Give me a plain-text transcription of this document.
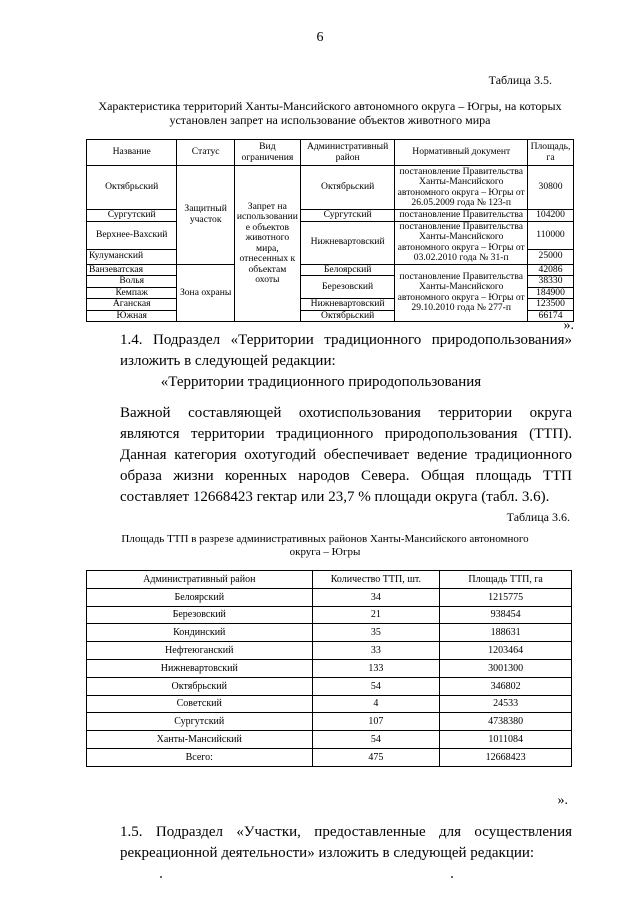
6
Таблица 3.5.
Характеристика территорий Ханты-Мансийского автономного округа – Югры, на которых установлен запрет на использование объектов животного мира
Название	Статус	Вид ограничения	Административный район	Нормативный документ	Площадь, га
Октябрьский	Защитный участок	Запрет на использовании е объектов животного мира, отнесенных к объектам охоты	Октябрьский	постановление Правительства Ханты-Мансийского автономного округа – Югры от 26.05.2009 года № 123-п	30800
Сургутский			Сургутский	постановление Правительства	104200
Верхнее-Вахский			Нижневартовский	постановление Правительства Ханты-Мансийского автономного округа – Югры от 03.02.2010 года № 31-п	110000
Кулуманский					25000
Ванзеватская	Зона охраны		Белоярский	постановление Правительства Ханты-Мансийского автономного округа – Югры от 29.10.2010 года № 277-п	42086
Волья			Березовский		38330
Кемпаж					184900
Аганская			Нижневартовский		123500
Южная			Октябрьский		66174
».
1.4. Подраздел «Территории традиционного природопользования» изложить в следующей редакции:
«Территории традиционного природопользования
Важной составляющей охотиспользования территории округа являются территории традиционного природопользования (ТТП). Данная категория охотугодий обеспечивает ведение традиционного образа жизни коренных народов Севера. Общая площадь ТТП составляет 12668423 гектар или 23,7 % площади округа (табл. 3.6).
Таблица 3.6.
Площадь ТТП в разрезе административных районов Ханты-Мансийского автономного округа – Югры
Административный район	Количество ТТП, шт.	Площадь ТТП, га
Белоярский	34	1215775
Березовский	21	938454
Кондинский	35	188631
Нефтеюганский	33	1203464
Нижневартовский	133	3001300
Октябрьский	54	346802
Советский	4	24533
Сургутский	107	4738380
Ханты-Мансийский	54	1011084
Всего:	475	12668423
».
1.5. Подраздел «Участки, предоставленные для осуществления рекреационной деятельности» изложить в следующей редакции:
